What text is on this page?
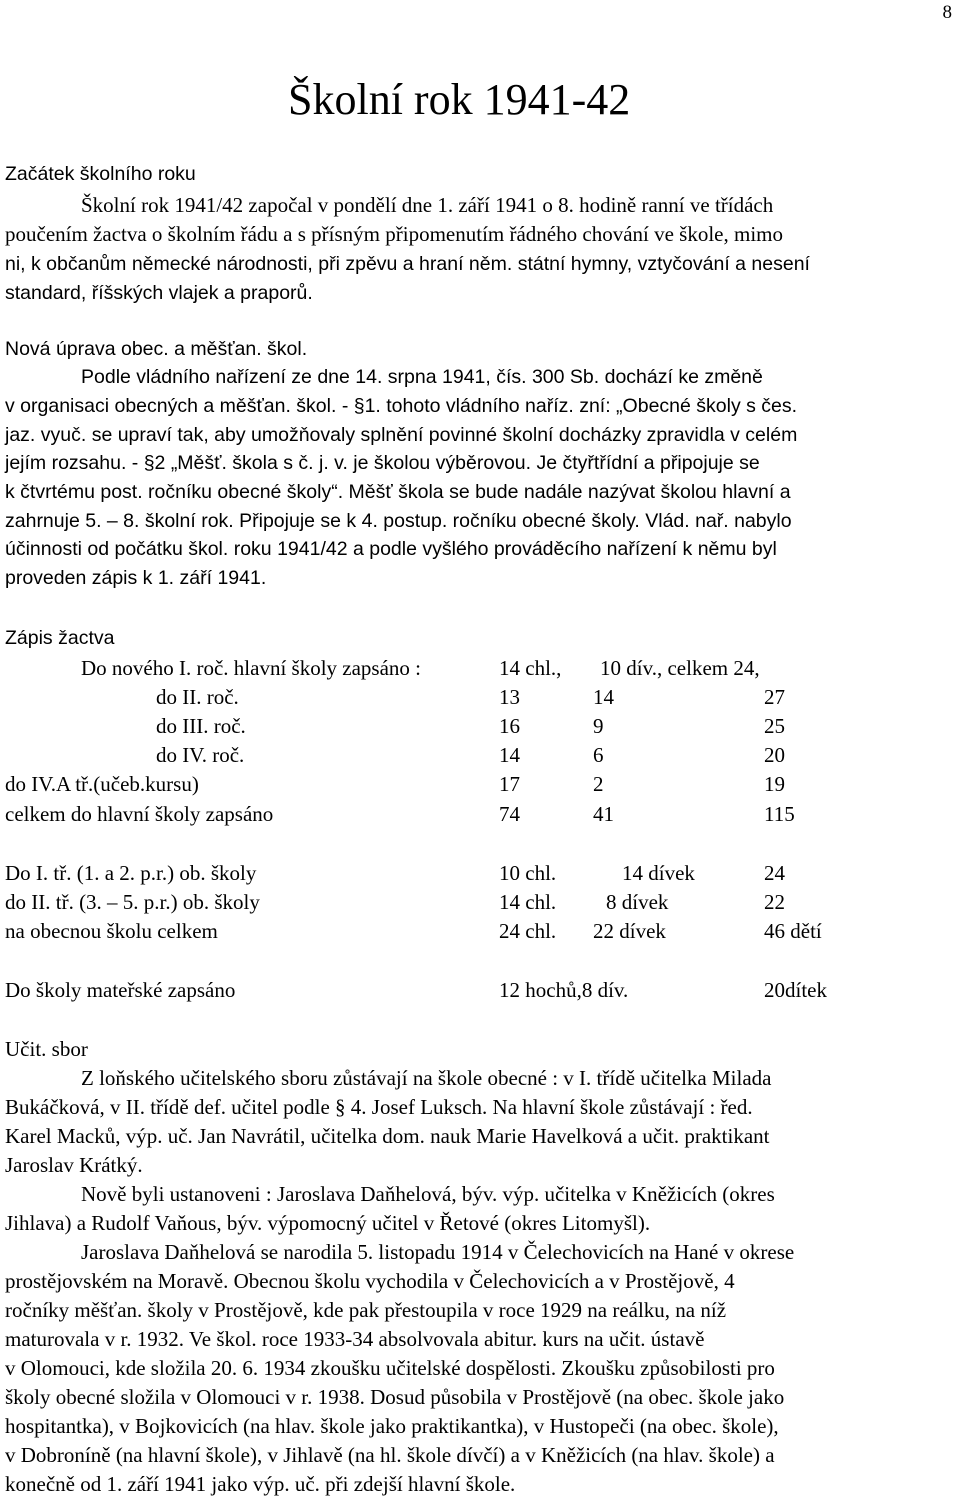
8
Školní rok 1941-42
Začátek školního roku
Školní rok 1941/42 započal v pondělí dne 1. září 1941 o 8. hodině ranní ve třídách
poučením žactva o školním řádu a s přísným připomenutím řádného chování ve škole, mimo
ni, k občanům německé národnosti, při zpěvu a hraní něm. státní hymny, vztyčování a nesení
standard, říšských vlajek a praporů.
Nová úprava obec. a měšťan. škol.
Podle vládního nařízení ze dne 14. srpna 1941, čís. 300 Sb. dochází ke změně
v organisaci obecných a měšťan. škol. - §1. tohoto vládního naříz. zní: „Obecné školy s čes.
jaz. vyuč. se upraví tak, aby umožňovaly splnění povinné školní docházky zpravidla v celém
jejím rozsahu. - §2 „Měšť. škola s č. j. v. je školou výběrovou. Je čtyřtřídní a připojuje se
k čtvrtému post. ročníku obecné školy“. Měšť škola se bude nadále nazývat školou hlavní a
zahrnuje 5. – 8. školní rok. Připojuje se k 4. postup. ročníku obecné školy. Vlád. nař. nabylo
účinnosti od počátku škol. roku 1941/42 a podle vyšlého prováděcího nařízení k němu byl
proveden zápis k 1. září 1941.
Zápis žactva
Do nového I. roč. hlavní školy zapsáno :	14 chl., 10 dív., celkem 24,
do II. roč.	13	14	27
do III. roč.	16	9	25
do IV. roč.	14	6	20
do IV.A tř.(učeb.kursu)	17	2	19
celkem do hlavní školy zapsáno	74	41	115
Do I. tř. (1. a 2. p.r.) ob. školy	10 chl.	14 dívek	24
do II. tř. (3. – 5. p.r.) ob. školy	14 chl. 8 dívek	22
na obecnou školu celkem	24 chl. 22 dívek	46 dětí
Do školy mateřské zapsáno	12 hochů,8 dív.	20dítek
Učit. sbor
Z loňského učitelského sboru zůstávají na škole obecné : v I. třídě učitelka Milada
Bukáčková, v II. třídě def. učitel podle § 4. Josef Luksch. Na hlavní škole zůstávají : řed.
Karel Macků, výp. uč. Jan Navrátil, učitelka dom. nauk Marie Havelková a učit. praktikant
Jaroslav Krátký.
Nově byli ustanoveni : Jaroslava Daňhelová, býv. výp. učitelka v Kněžicích (okres
Jihlava) a Rudolf Vaňous, býv. výpomocný učitel v Řetové (okres Litomyšl).
Jaroslava Daňhelová se narodila 5. listopadu 1914 v Čelechovicích na Hané v okrese
prostějovském na Moravě. Obecnou školu vychodila v Čelechovicích a v Prostějově, 4
ročníky měšťan. školy v Prostějově, kde pak přestoupila v roce 1929 na reálku, na níž
maturovala v r. 1932. Ve škol. roce 1933-34 absolvovala abitur. kurs na učit. ústavě
v Olomouci, kde složila 20. 6. 1934 zkoušku učitelské dospělosti. Zkoušku způsobilosti pro
školy obecné složila v Olomouci v r. 1938. Dosud působila v Prostějově (na obec. škole jako
hospitantka), v Bojkovicích (na hlav. škole jako praktikantka), v Hustopeči (na obec. škole),
v Dobroníně (na hlavní škole), v Jihlavě (na hl. škole dívčí) a v Kněžicích (na hlav. škole) a
konečně od 1. září 1941 jako výp. uč. při zdejší hlavní škole.
